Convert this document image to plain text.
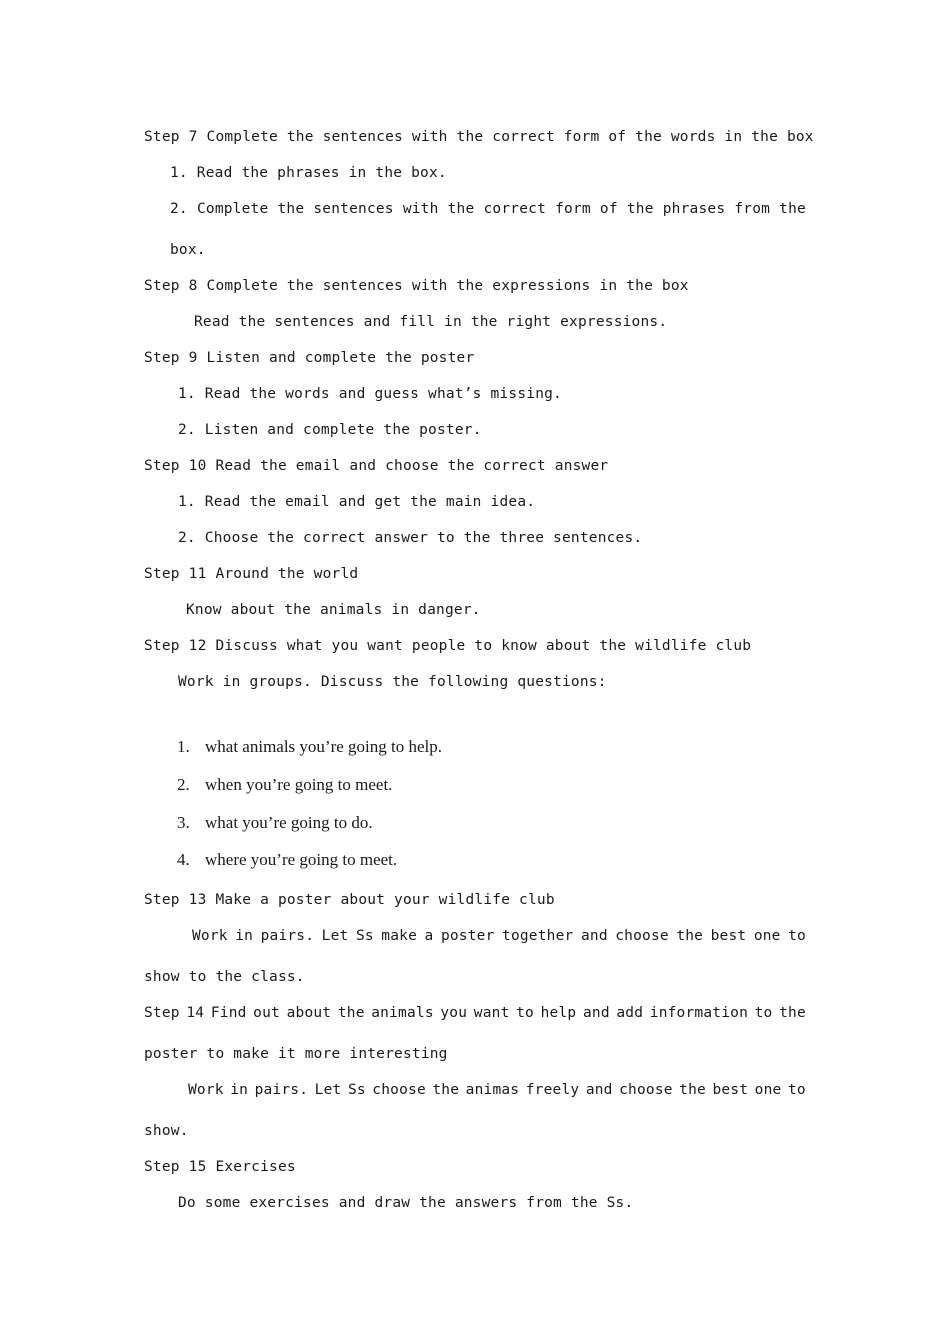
Step 7 Complete the sentences with the correct form of the words in the box
1. Read the phrases in the box.
2. Complete the sentences with the correct form of the phrases from the
box.
Step 8 Complete the sentences with the expressions in the box
Read the sentences and fill in the right expressions.
Step 9 Listen and complete the poster
1. Read the words and guess what’s missing.
2. Listen and complete the poster.
Step 10 Read the email and choose the correct answer
1. Read the email and get the main idea.
2. Choose the correct answer to the three sentences.
Step 11 Around the world
Know about the animals in danger.
Step 12 Discuss what you want people to know about the wildlife club
Work in groups. Discuss the following questions:

1. what animals you’re going to help.

2. when you’re going to meet.

3. what you’re going to do.

4. where you’re going to meet.

Step 13 Make a poster about your wildlife club
Work in pairs. Let Ss make a poster together and choose the best one to
show to the class.
Step 14 Find out about the animals you want to help and add information to the
poster to make it more interesting
Work in pairs. Let Ss choose the animas freely and choose the best one to
show.
Step 15 Exercises
Do some exercises and draw the answers from the Ss.
